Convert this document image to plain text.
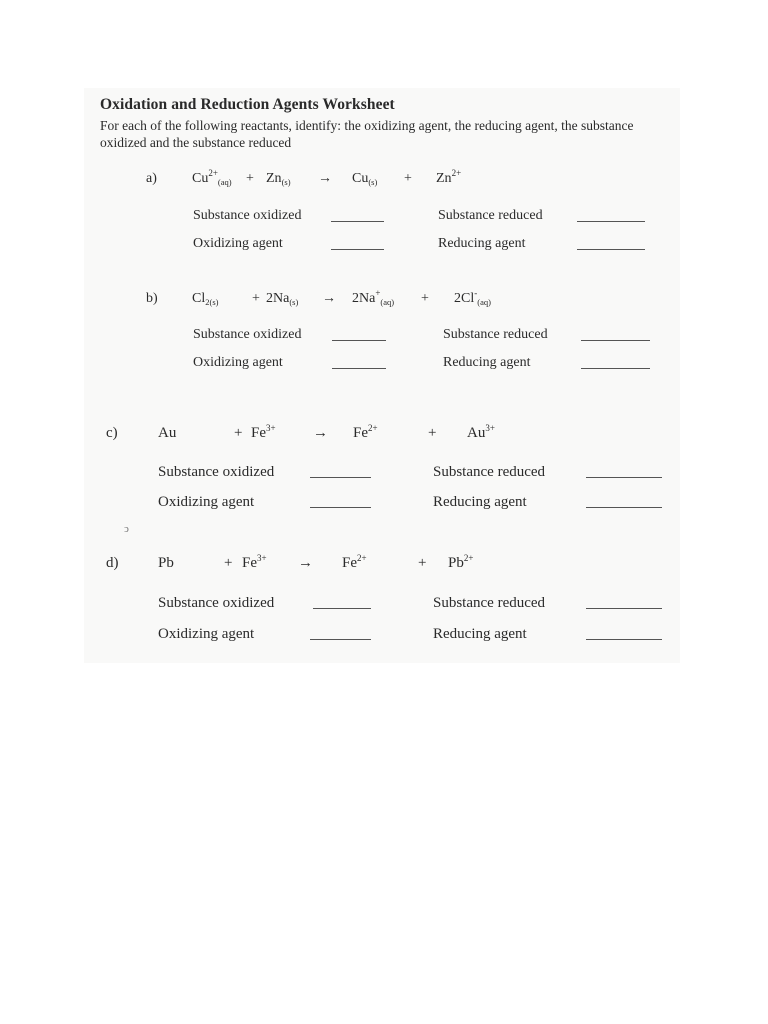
Oxidation and Reduction Agents Worksheet

For each of the following reactants, identify: the oxidizing agent, the reducing agent, the substance oxidized and the substance reduced

a)	$Cu^{2+}_{(aq)} + Zn_{(s)} \to Cu_{(s)} + Zn^{2+}$
Substance oxidized	Substance reduced
Oxidizing agent	Reducing agent
b) $Cl_{2(s)} + 2Na_{(s)} \to 2Na^+_{(aq)} + 2Cl^-_{(aq)}$
Substance oxidized	Substance reduced
Oxidizing agent	Reducing agent
c)	Au	+ $Fe^{3+} \to Fe^{2+}$	+ $Au^{3+}$
Substance oxidized	Substance reduced
Oxidizing agent	Reducing agent
ↄ
d)	Pb	+ $Fe^{3+} \to Fe^{2+}$	+ $Pb^{2+}$
Substance oxidized	Substance reduced
Oxidizing agent	Reducing agent
